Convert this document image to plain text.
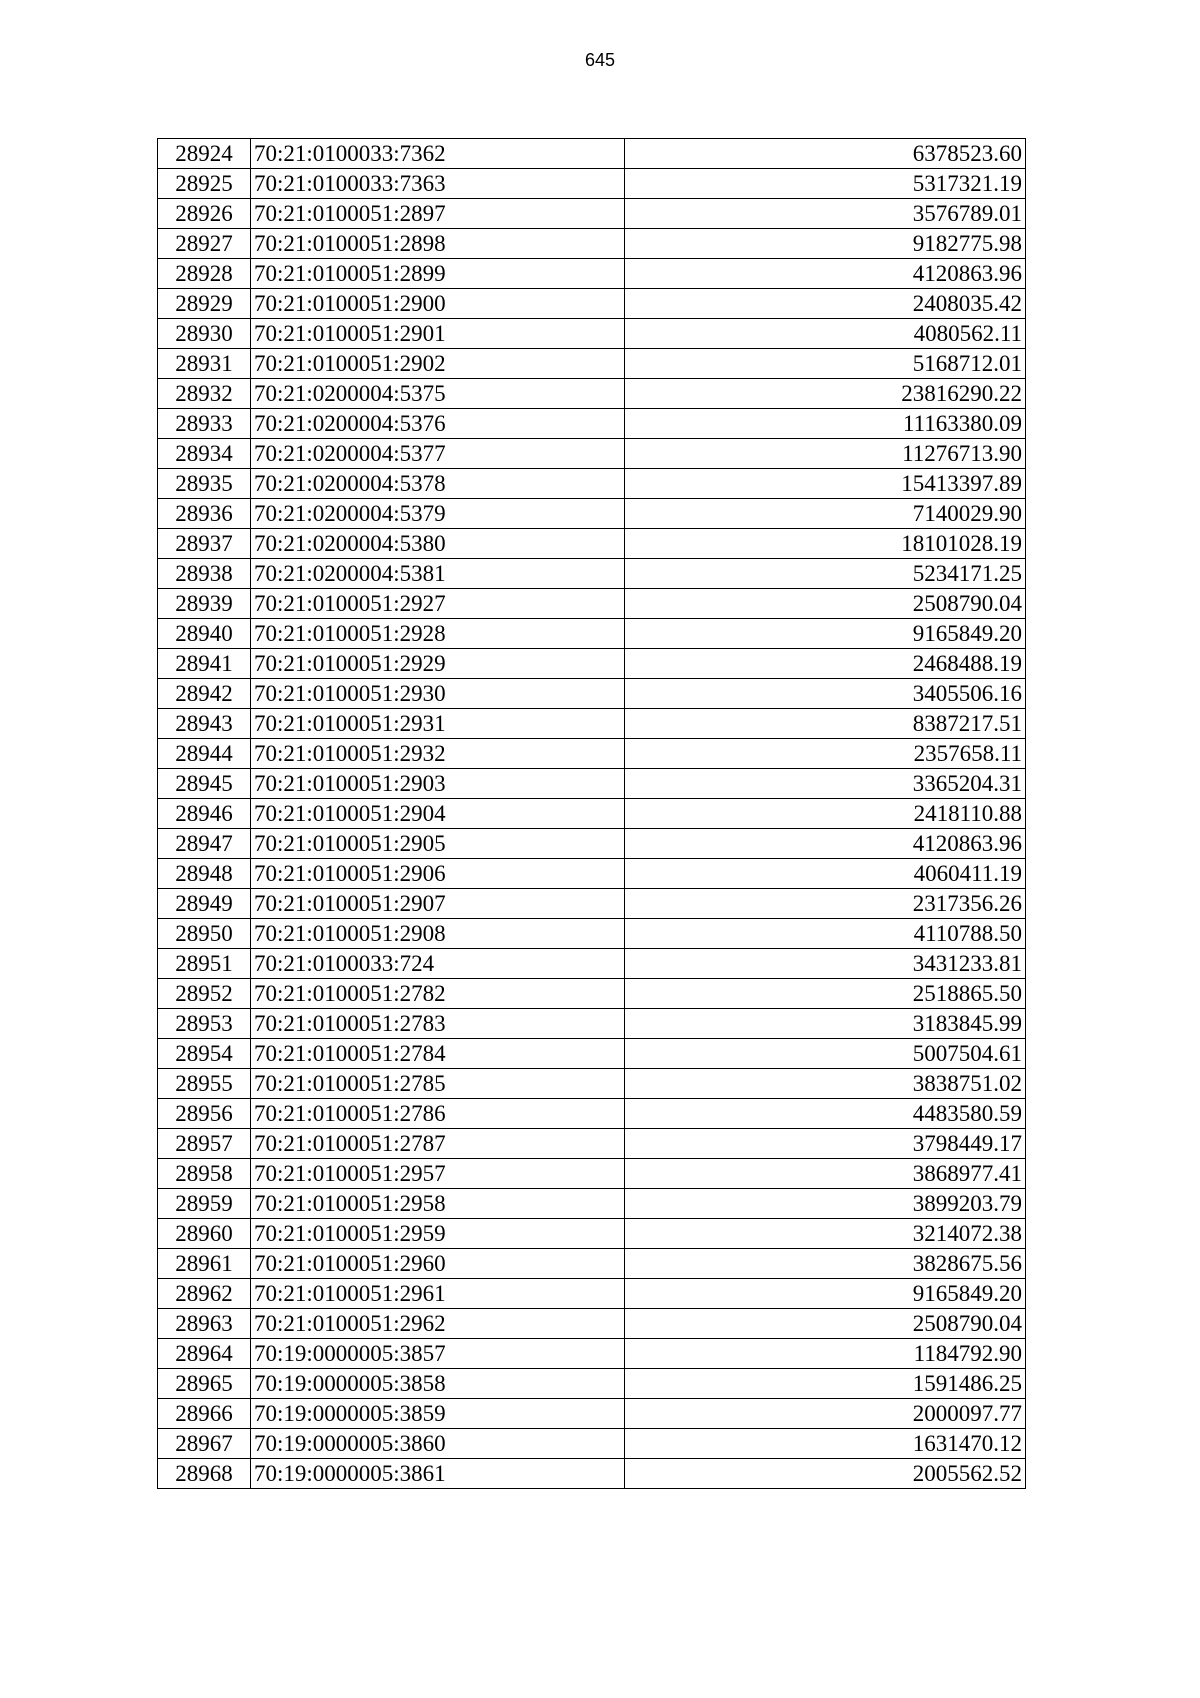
645
28924	70:21:0100033:7362	6378523.60
28925	70:21:0100033:7363	5317321.19
28926	70:21:0100051:2897	3576789.01
28927	70:21:0100051:2898	9182775.98
28928	70:21:0100051:2899	4120863.96
28929	70:21:0100051:2900	2408035.42
28930	70:21:0100051:2901	4080562.11
28931	70:21:0100051:2902	5168712.01
28932	70:21:0200004:5375	23816290.22
28933	70:21:0200004:5376	11163380.09
28934	70:21:0200004:5377	11276713.90
28935	70:21:0200004:5378	15413397.89
28936	70:21:0200004:5379	7140029.90
28937	70:21:0200004:5380	18101028.19
28938	70:21:0200004:5381	5234171.25
28939	70:21:0100051:2927	2508790.04
28940	70:21:0100051:2928	9165849.20
28941	70:21:0100051:2929	2468488.19
28942	70:21:0100051:2930	3405506.16
28943	70:21:0100051:2931	8387217.51
28944	70:21:0100051:2932	2357658.11
28945	70:21:0100051:2903	3365204.31
28946	70:21:0100051:2904	2418110.88
28947	70:21:0100051:2905	4120863.96
28948	70:21:0100051:2906	4060411.19
28949	70:21:0100051:2907	2317356.26
28950	70:21:0100051:2908	4110788.50
28951	70:21:0100033:724	3431233.81
28952	70:21:0100051:2782	2518865.50
28953	70:21:0100051:2783	3183845.99
28954	70:21:0100051:2784	5007504.61
28955	70:21:0100051:2785	3838751.02
28956	70:21:0100051:2786	4483580.59
28957	70:21:0100051:2787	3798449.17
28958	70:21:0100051:2957	3868977.41
28959	70:21:0100051:2958	3899203.79
28960	70:21:0100051:2959	3214072.38
28961	70:21:0100051:2960	3828675.56
28962	70:21:0100051:2961	9165849.20
28963	70:21:0100051:2962	2508790.04
28964	70:19:0000005:3857	1184792.90
28965	70:19:0000005:3858	1591486.25
28966	70:19:0000005:3859	2000097.77
28967	70:19:0000005:3860	1631470.12
28968	70:19:0000005:3861	2005562.52
